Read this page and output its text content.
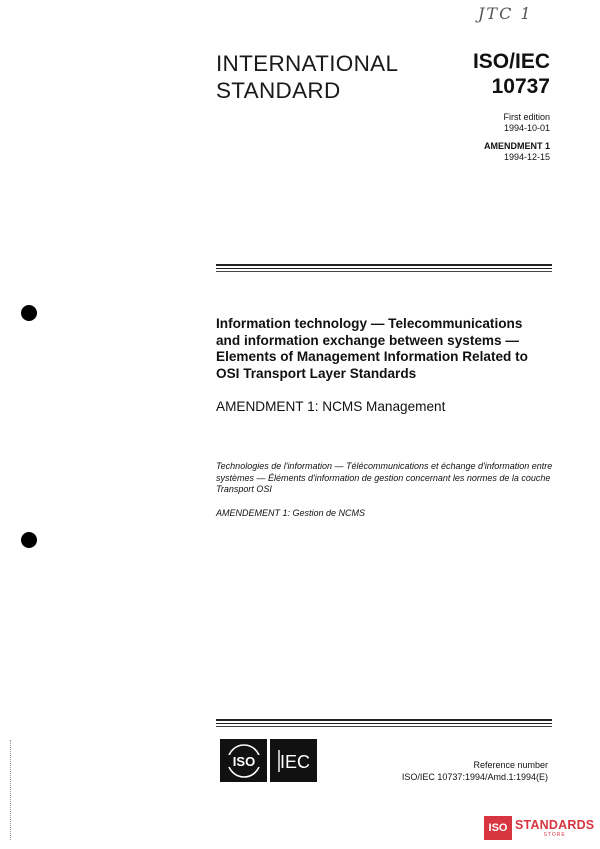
JTC 1
INTERNATIONAL
STANDARD
ISO/IEC
10737
First edition
1994-10-01
AMENDMENT 1
1994-12-15
Information technology — Telecommunications
and information exchange between systems —
Elements of Management Information Related to
OSI Transport Layer Standards
AMENDMENT 1: NCMS Management
Technologies de l'information — Télécommunications et échange d'information entre systèmes — Éléments d'information de gestion concernant les normes de la couche Transport OSI
AMENDEMENT 1: Gestion de NCMS
ISO IEC	Reference number
ISO/IEC 10737:1994/Amd.1:1994(E)
ISO STANDARDS
STORE
